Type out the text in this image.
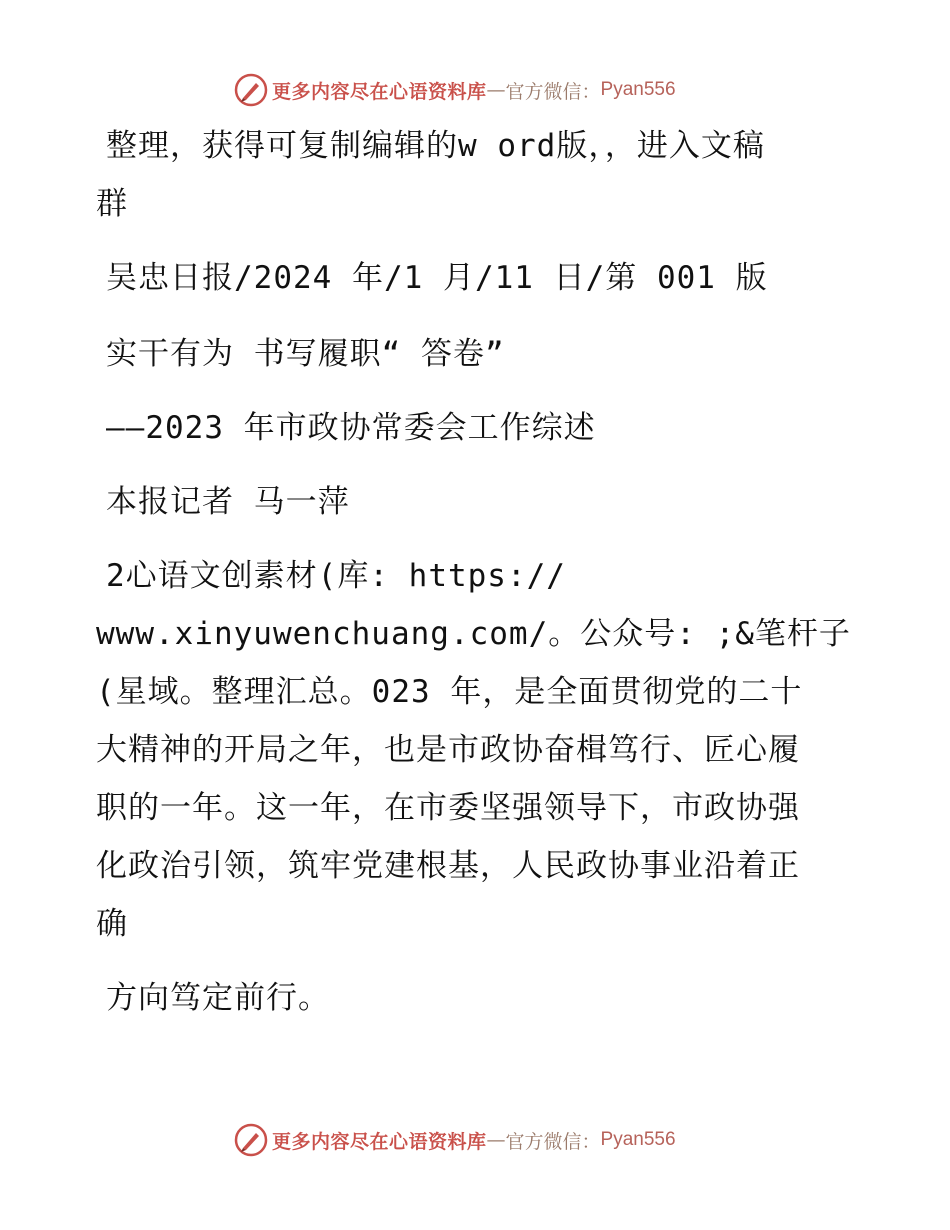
更多内容尽在心语资料库 — 官方微信： Pyan556
整理，获得可复制编辑的w ord版，，进入文稿
群
吴忠日报/2024 年/1 月/11 日/第 001 版
实干有为 书写履职“ 答卷”
——2023 年市政协常委会工作综述
本报记者 马一萍
2心语文创素材(库: https://
www.xinyuwenchuang.com/。公众号: ;&笔杆子
(星域。整理汇总。023 年，是全面贯彻党的二十
大精神的开局之年，也是市政协奋楫笃行、匠心履
职的一年。这一年，在市委坚强领导下，市政协强
化政治引领，筑牢党建根基，人民政协事业沿着正
确
方向笃定前行。
更多内容尽在心语资料库 — 官方微信： Pyan556
